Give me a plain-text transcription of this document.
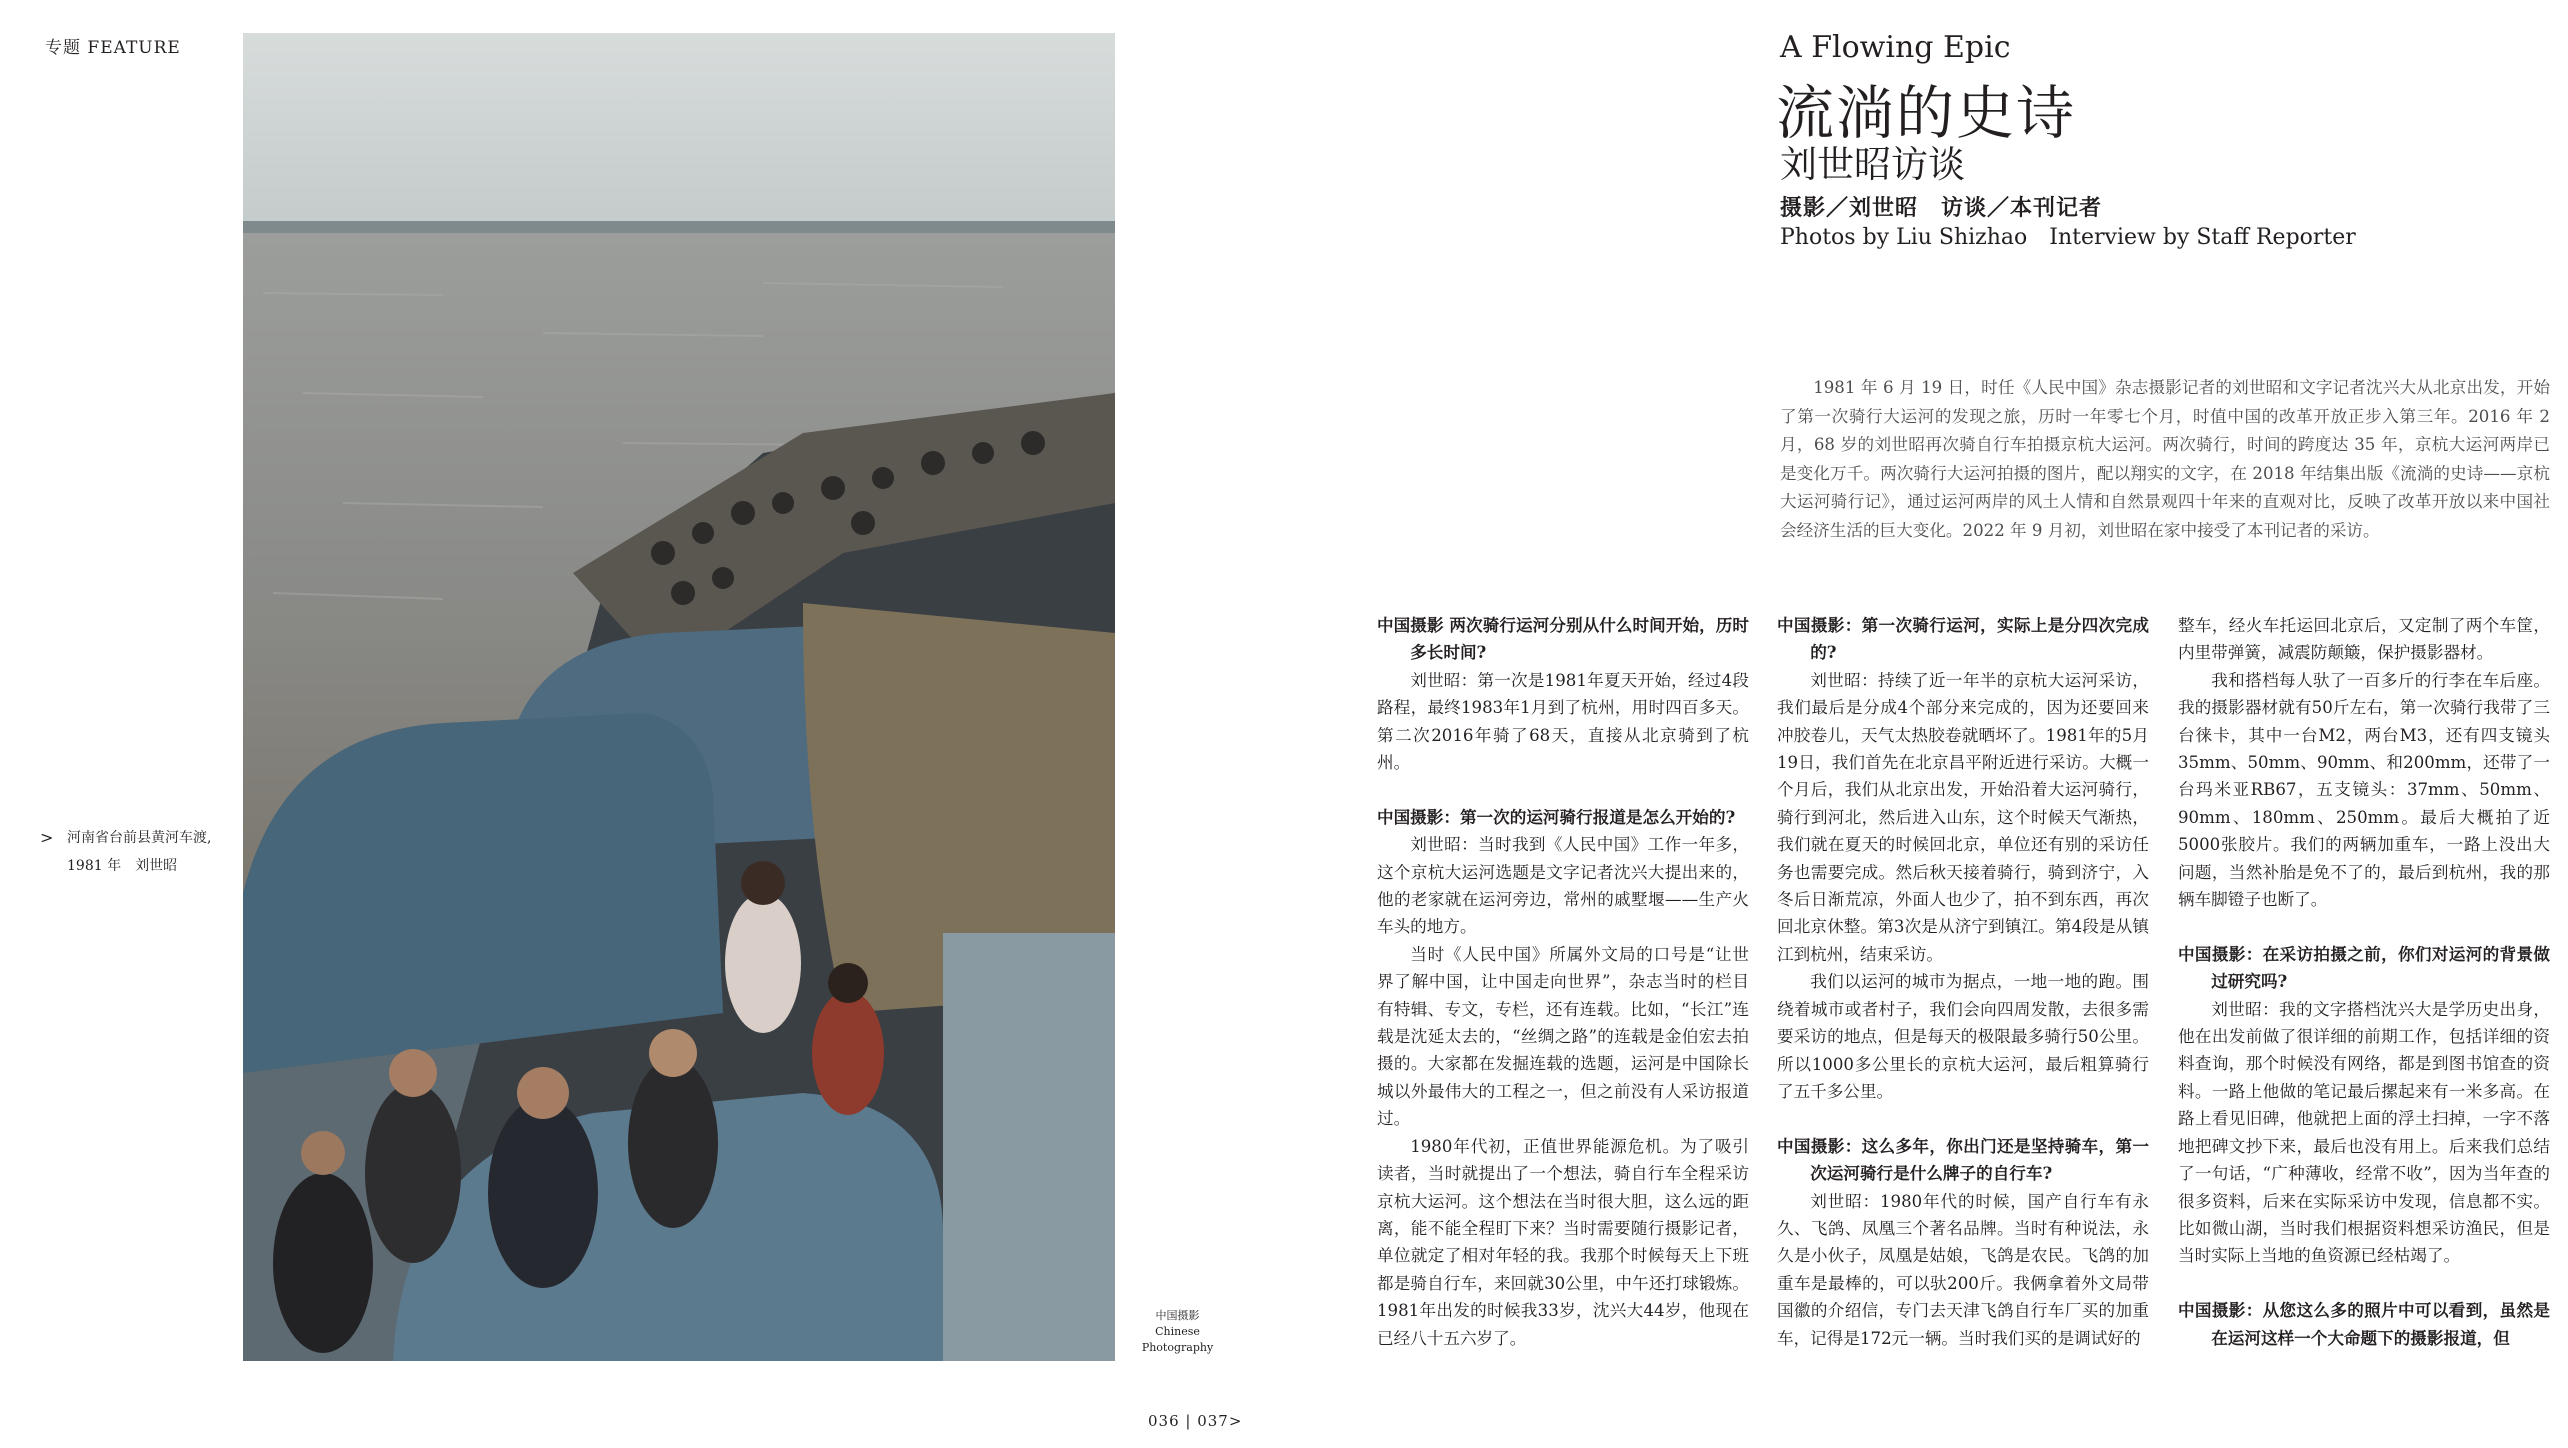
专题 FEATURE
> 河南省台前县黄河车渡,
1981 年　刘世昭
中国摄影
Chinese
Photography
036 | 037>
A Flowing Epic
流淌的史诗
刘世昭访谈
摄影／刘世昭　访谈／本刊记者
Photos by Liu Shizhao　Interview by Staff Reporter

1981 年 6 月 19 日，时任《人民中国》杂志摄影记者的刘世昭和文字记者沈兴大从北京出发，开始了第一次骑行大运河的发现之旅，历时一年零七个月，时值中国的改革开放正步入第三年。2016 年 2 月，68 岁的刘世昭再次骑自行车拍摄京杭大运河。两次骑行，时间的跨度达 35 年，京杭大运河两岸已是变化万千。两次骑行大运河拍摄的图片，配以翔实的文字，在 2018 年结集出版《流淌的史诗——京杭大运河骑行记》，通过运河两岸的风土人情和自然景观四十年来的直观对比，反映了改革开放以来中国社会经济生活的巨大变化。2022 年 9 月初，刘世昭在家中接受了本刊记者的采访。

中国摄影 两次骑行运河分别从什么时间开始，历时多长时间?

刘世昭：第一次是1981年夏天开始，经过4段路程，最终1983年1月到了杭州，用时四百多天。第二次2016年骑了68天，直接从北京骑到了杭州。

中国摄影：第一次的运河骑行报道是怎么开始的?

刘世昭：当时我到《人民中国》工作一年多，这个京杭大运河选题是文字记者沈兴大提出来的，他的老家就在运河旁边，常州的戚墅堰——生产火车头的地方。

当时《人民中国》所属外文局的口号是“让世界了解中国，让中国走向世界”，杂志当时的栏目有特辑、专文，专栏，还有连载。比如，“长江”连载是沈延太去的，“丝绸之路”的连载是金伯宏去拍摄的。大家都在发掘连载的选题，运河是中国除长城以外最伟大的工程之一，但之前没有人采访报道过。

1980年代初，正值世界能源危机。为了吸引读者，当时就提出了一个想法，骑自行车全程采访京杭大运河。这个想法在当时很大胆，这么远的距离，能不能全程盯下来？当时需要随行摄影记者，单位就定了相对年轻的我。我那个时候每天上下班都是骑自行车，来回就30公里，中午还打球锻炼。1981年出发的时候我33岁，沈兴大44岁，他现在已经八十五六岁了。

中国摄影：第一次骑行运河，实际上是分四次完成的?

刘世昭：持续了近一年半的京杭大运河采访，我们最后是分成4个部分来完成的，因为还要回来冲胶卷儿，天气太热胶卷就晒坏了。1981年的5月19日，我们首先在北京昌平附近进行采访。大概一个月后，我们从北京出发，开始沿着大运河骑行，骑行到河北，然后进入山东，这个时候天气渐热，我们就在夏天的时候回北京，单位还有别的采访任务也需要完成。然后秋天接着骑行，骑到济宁，入冬后日渐荒凉，外面人也少了，拍不到东西，再次回北京休整。第3次是从济宁到镇江。第4段是从镇江到杭州，结束采访。

我们以运河的城市为据点，一地一地的跑。围绕着城市或者村子，我们会向四周发散，去很多需要采访的地点，但是每天的极限最多骑行50公里。所以1000多公里长的京杭大运河，最后粗算骑行了五千多公里。

中国摄影：这么多年，你出门还是坚持骑车，第一次运河骑行是什么牌子的自行车?

刘世昭：1980年代的时候，国产自行车有永久、飞鸽、凤凰三个著名品牌。当时有种说法，永久是小伙子，凤凰是姑娘，飞鸽是农民。飞鸽的加重车是最棒的，可以驮200斤。我俩拿着外文局带国徽的介绍信，专门去天津飞鸽自行车厂买的加重车，记得是172元一辆。当时我们买的是调试好的

整车，经火车托运回北京后，又定制了两个车筐，内里带弹簧，减震防颠簸，保护摄影器材。

我和搭档每人驮了一百多斤的行李在车后座。我的摄影器材就有50斤左右，第一次骑行我带了三台徕卡，其中一台M2，两台M3，还有四支镜头35mm、50mm、90mm、和200mm，还带了一台玛米亚RB67，五支镜头：37mm、50mm、90mm、180mm、250mm。最后大概拍了近5000张胶片。我们的两辆加重车，一路上没出大问题，当然补胎是免不了的，最后到杭州，我的那辆车脚镫子也断了。

中国摄影：在采访拍摄之前，你们对运河的背景做过研究吗?

刘世昭：我的文字搭档沈兴大是学历史出身，他在出发前做了很详细的前期工作，包括详细的资料查询，那个时候没有网络，都是到图书馆查的资料。一路上他做的笔记最后摞起来有一米多高。在路上看见旧碑，他就把上面的浮土扫掉，一字不落地把碑文抄下来，最后也没有用上。后来我们总结了一句话，“广种薄收，经常不收”，因为当年查的很多资料，后来在实际采访中发现，信息都不实。比如微山湖，当时我们根据资料想采访渔民，但是当时实际上当地的鱼资源已经枯竭了。

中国摄影：从您这么多的照片中可以看到，虽然是在运河这样一个大命题下的摄影报道，但
